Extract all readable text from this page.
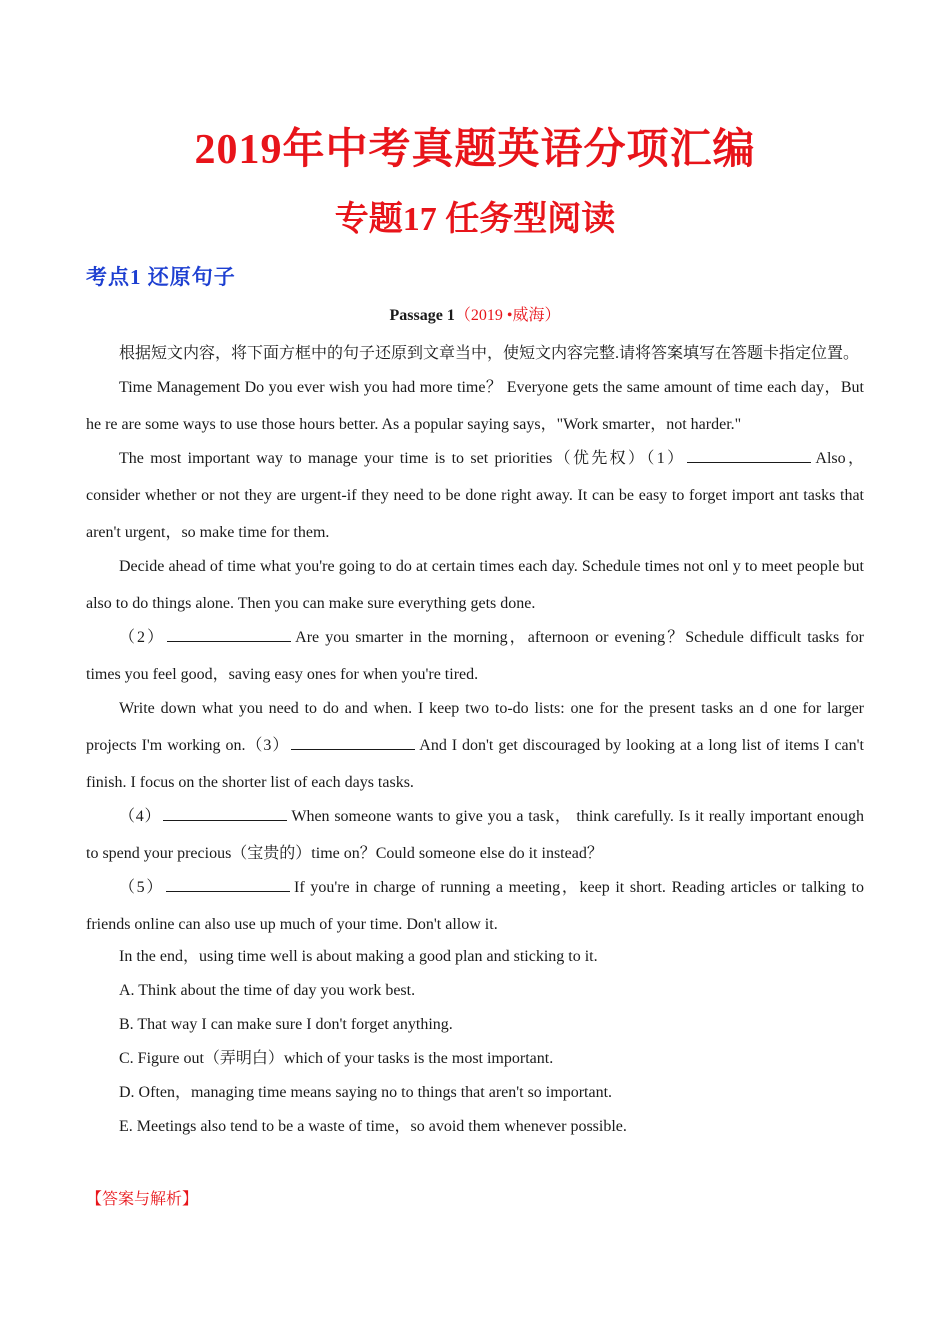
2019年中考真题英语分项汇编
专题17 任务型阅读
考点1 还原句子
Passage 1（2019 •威海）

根据短文内容，将下面方框中的句子还原到文章当中，使短文内容完整.请将答案填写在答题卡指定位置。

Time Management Do you ever wish you had more time？ Everyone gets the same amount of time each day，But he re are some ways to use those hours better. As a popular saying says，"Work smarter，not harder."

The most important way to manage your time is to set priorities（优先权）（1）	Also，consider whether or not they are urgent-if they need to be done right away. It can be easy to forget import ant tasks that aren't urgent，so make time for them.

Decide ahead of time what you're going to do at certain times each day. Schedule times not onl y to meet people but also to do things alone. Then you can make sure everything gets done.

（2）	Are you smarter in the morning，afternoon or evening？Schedule difficult tasks for times you feel good，saving easy ones for when you're tired.

Write down what you need to do and when. I keep two to-do lists: one for the present tasks an d one for larger projects I'm working on.（3）	And I don't get discouraged by looking at a long list of items I can't finish. I focus on the shorter list of each days tasks.

（4）	When someone wants to give you a task， think carefully. Is it really important enough to spend your precious（宝贵的）time on？Could someone else do it instead？

（5）	If you're in charge of running a meeting，keep it short. Reading articles or talking to friends online can also use up much of your time. Don't allow it.

In the end，using time well is about making a good plan and sticking to it.

A. Think about the time of day you work best.

B. That way I can make sure I don't forget anything.

C. Figure out（弄明白）which of your tasks is the most important.

D. Often，managing time means saying no to things that aren't so important.

E. Meetings also tend to be a waste of time，so avoid them whenever possible.

【答案与解析】
